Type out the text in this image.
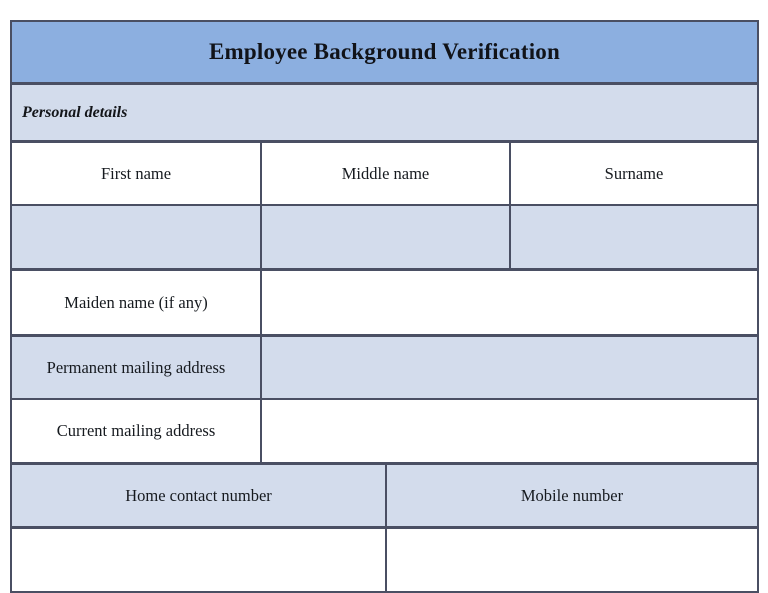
Employee Background Verification			

Personal details			

First name	Middle name		Surname

Maiden name (if any)			
Permanent mailing address			
Current mailing address			
Home contact number		Mobile number	
